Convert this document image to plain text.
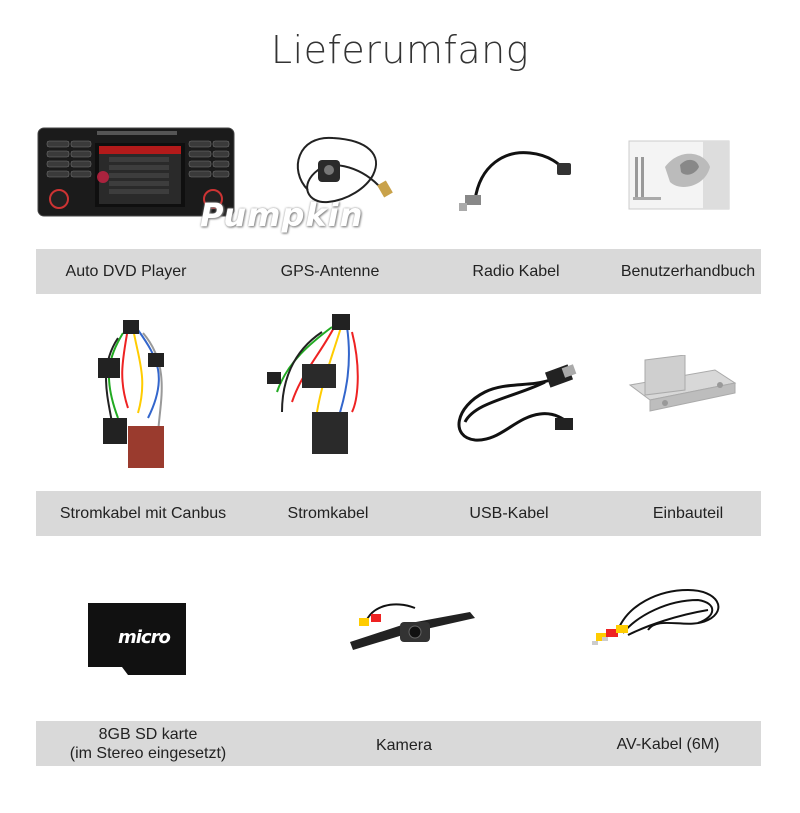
Lieferumfang
Pumpkin
Auto DVD Player	GPS-Antenne	Radio Kabel	Benutzerhandbuch
Stromkabel mit Canbus	Stromkabel	USB-Kabel	Einbauteil
micro
8GB SD karte
(im Stereo eingesetzt)	Kamera	AV-Kabel (6M)
